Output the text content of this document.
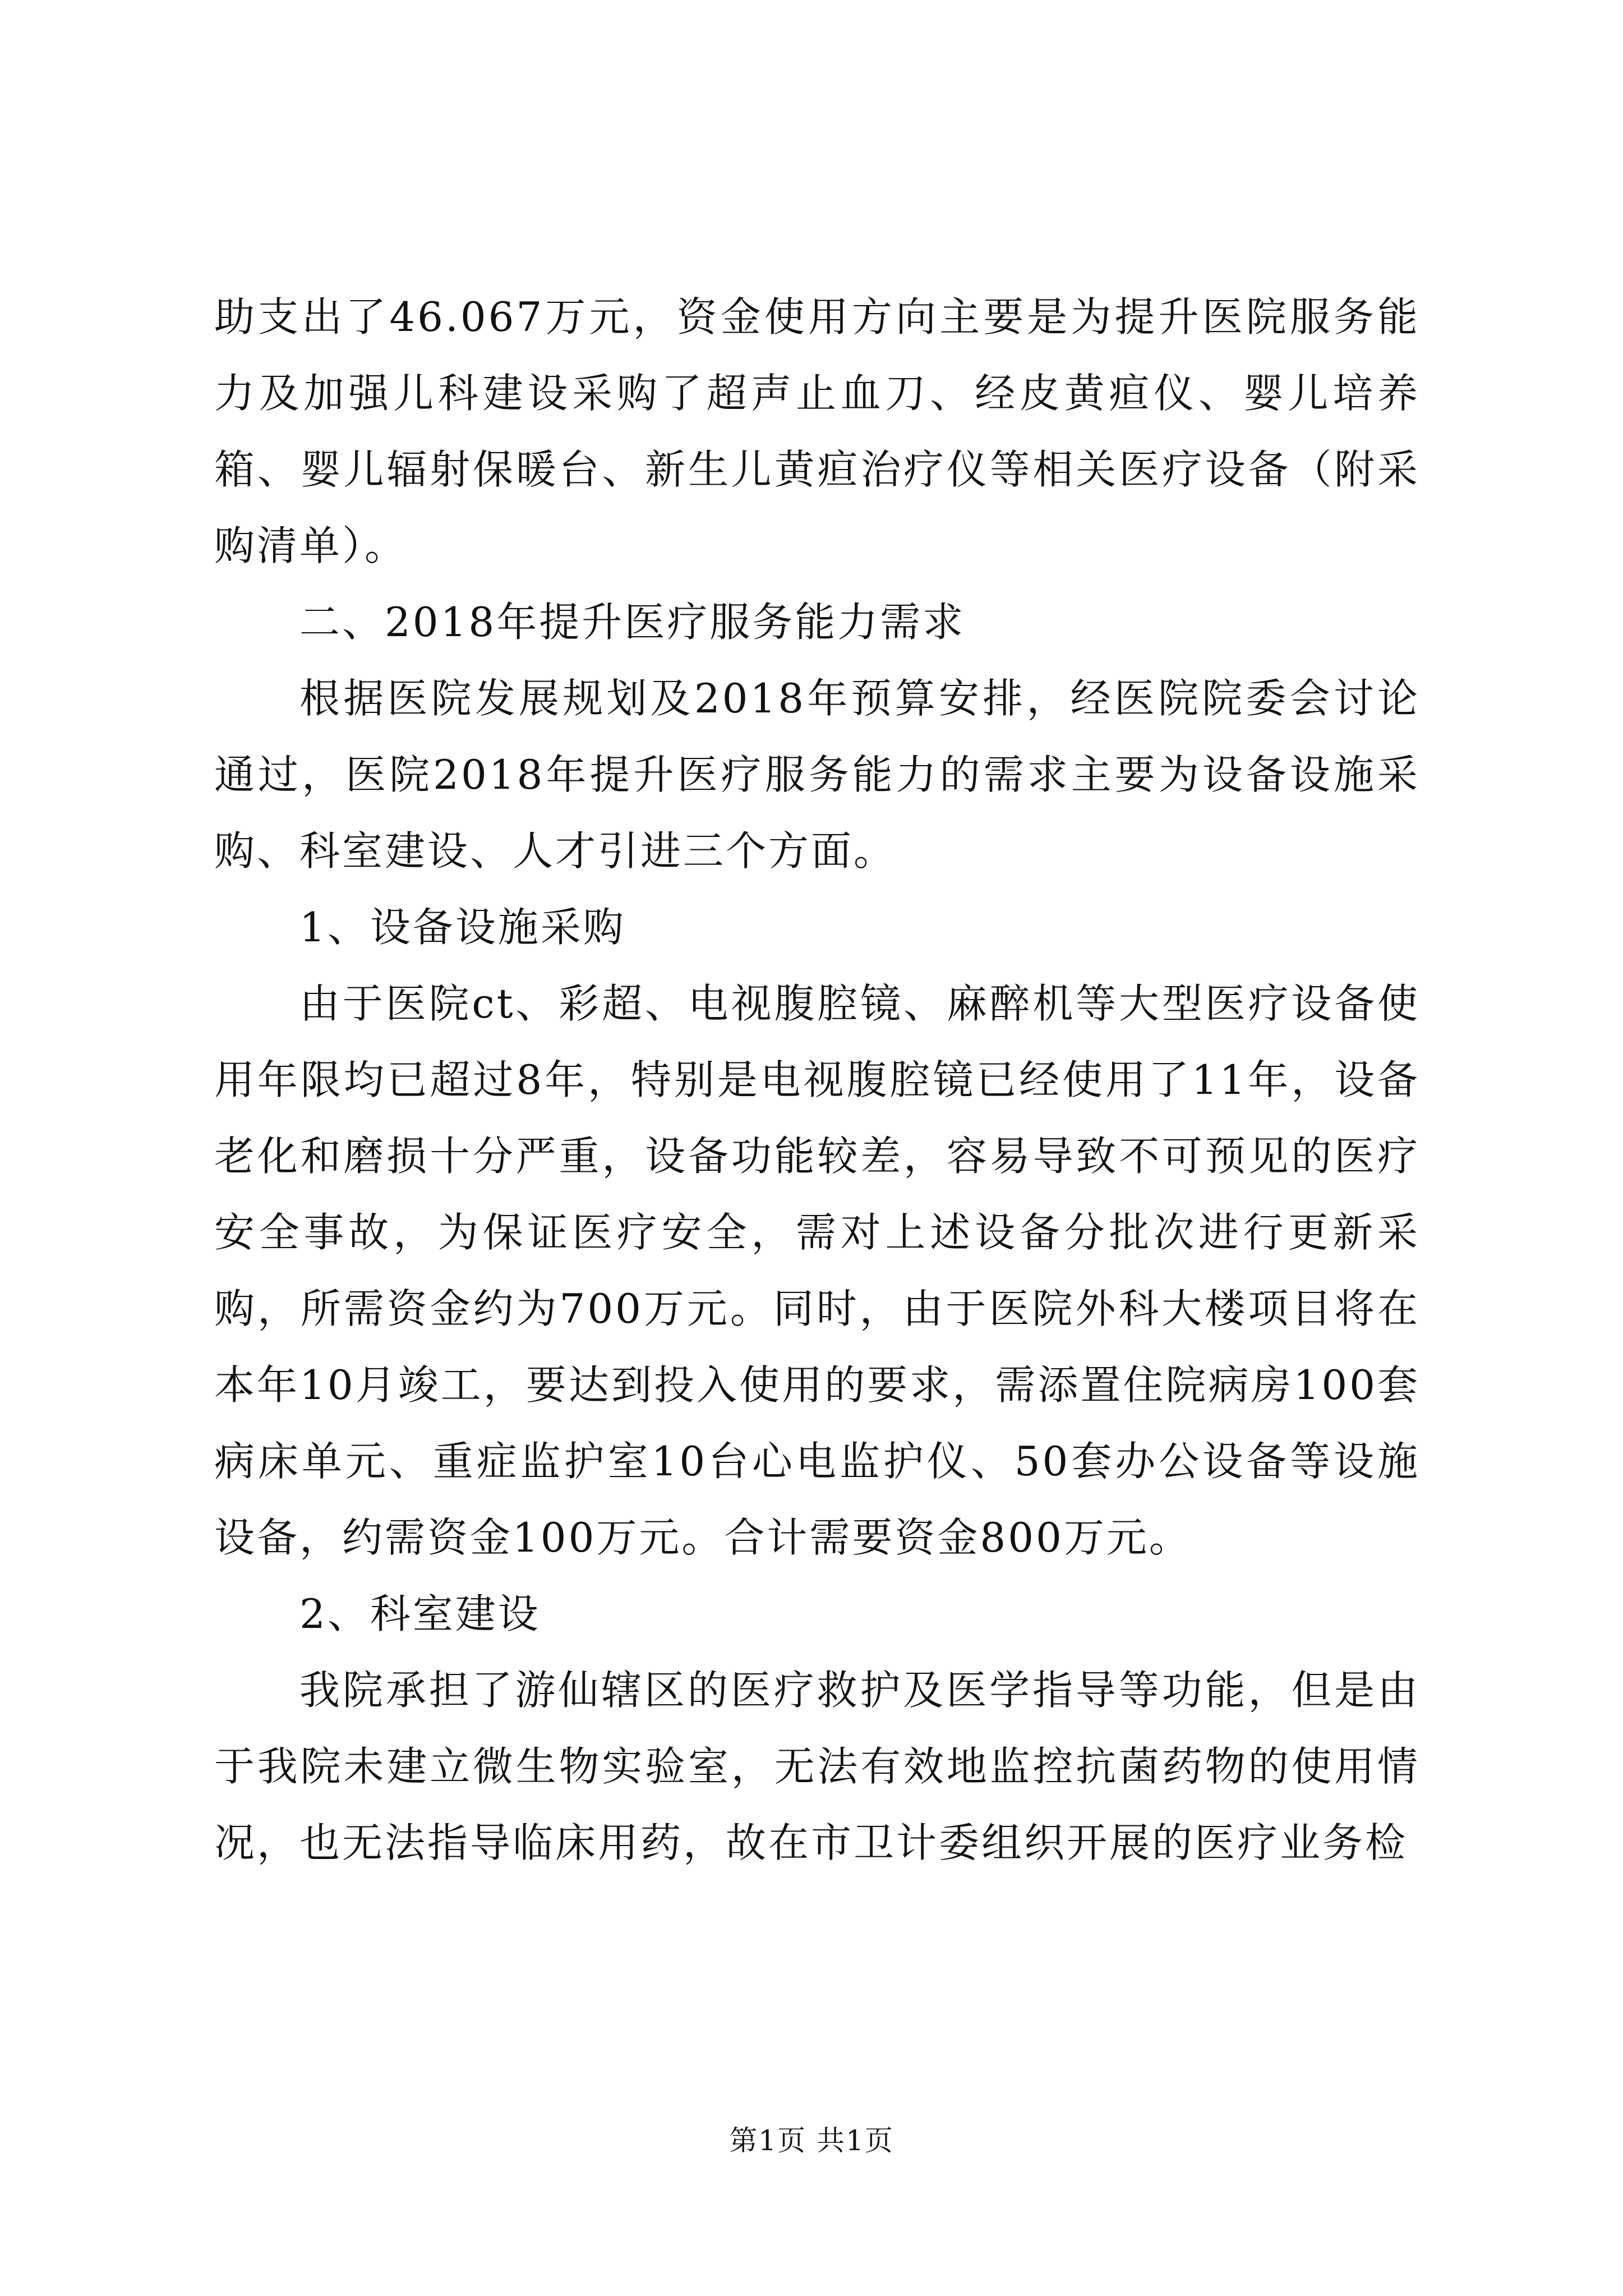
助支出了46.067万元，资金使用方向主要是为提升医院服务能力及加强儿科建设采购了超声止血刀、经皮黄疸仪、婴儿培养箱、婴儿辐射保暖台、新生儿黄疸治疗仪等相关医疗设备（附采购清单）。

二、2018年提升医疗服务能力需求

根据医院发展规划及2018年预算安排，经医院院委会讨论通过，医院2018年提升医疗服务能力的需求主要为设备设施采购、科室建设、人才引进三个方面。

1、设备设施采购

由于医院ct、彩超、电视腹腔镜、麻醉机等大型医疗设备使用年限均已超过8年，特别是电视腹腔镜已经使用了11年，设备老化和磨损十分严重，设备功能较差，容易导致不可预见的医疗安全事故，为保证医疗安全，需对上述设备分批次进行更新采购，所需资金约为700万元。同时，由于医院外科大楼项目将在本年10月竣工，要达到投入使用的要求，需添置住院病房100套病床单元、重症监护室10台心电监护仪、50套办公设备等设施设备，约需资金100万元。合计需要资金800万元。

2、科室建设

我院承担了游仙辖区的医疗救护及医学指导等功能，但是由于我院未建立微生物实验室，无法有效地监控抗菌药物的使用情况，也无法指导临床用药，故在市卫计委组织开展的医疗业务检

第1页 共1页
